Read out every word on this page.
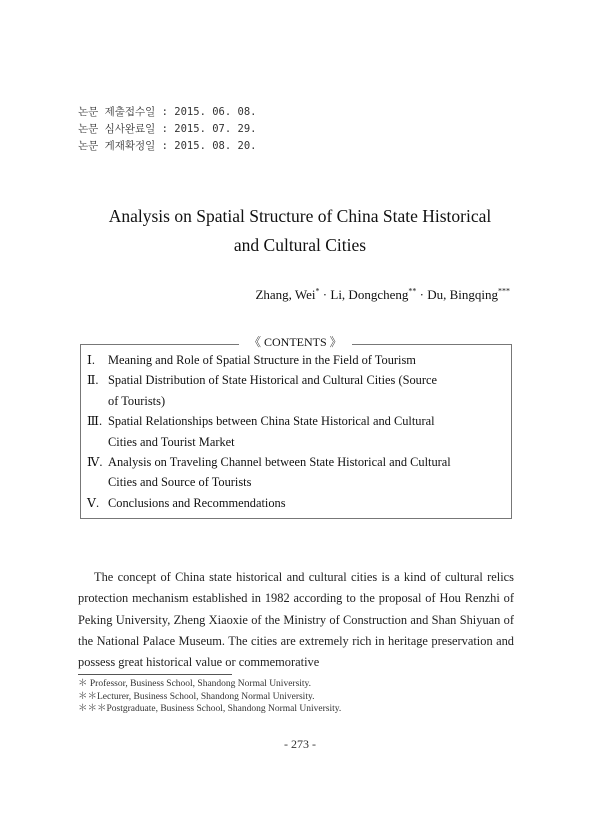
논문 제출접수일 : 2015. 06. 08.
논문 심사완료일 : 2015. 07. 29.
논문 게재확정일 : 2015. 08. 20.
Analysis on Spatial Structure of China State Historical
and Cultural Cities
Zhang, Wei* · Li, Dongcheng** · Du, Bingqing***
《 CONTENTS 》
Ⅰ.	Meaning and Role of Spatial Structure in the Field of Tourism
Ⅱ. Spatial Distribution of State Historical and Cultural Cities (Source
of Tourists)
Ⅲ. Spatial Relationships between China State Historical and Cultural
Cities and Tourist Market
Ⅳ. Analysis on Traveling Channel between State Historical and Cultural
Cities and Source of Tourists
Ⅴ. Conclusions and Recommendations
The concept of China state historical and cultural cities is a kind of cultural relics protection mechanism established in 1982 according to the proposal of Hou Renzhi of Peking University, Zheng Xiaoxie of the Ministry of Construction and Shan Shiyuan of the National Palace Museum. The cities are extremely rich in heritage preservation and possess great historical value or commemorative
＊ Professor, Business School, Shandong Normal University.
＊＊Lecturer, Business School, Shandong Normal University.
＊＊＊Postgraduate, Business School, Shandong Normal University.
- 273 -
